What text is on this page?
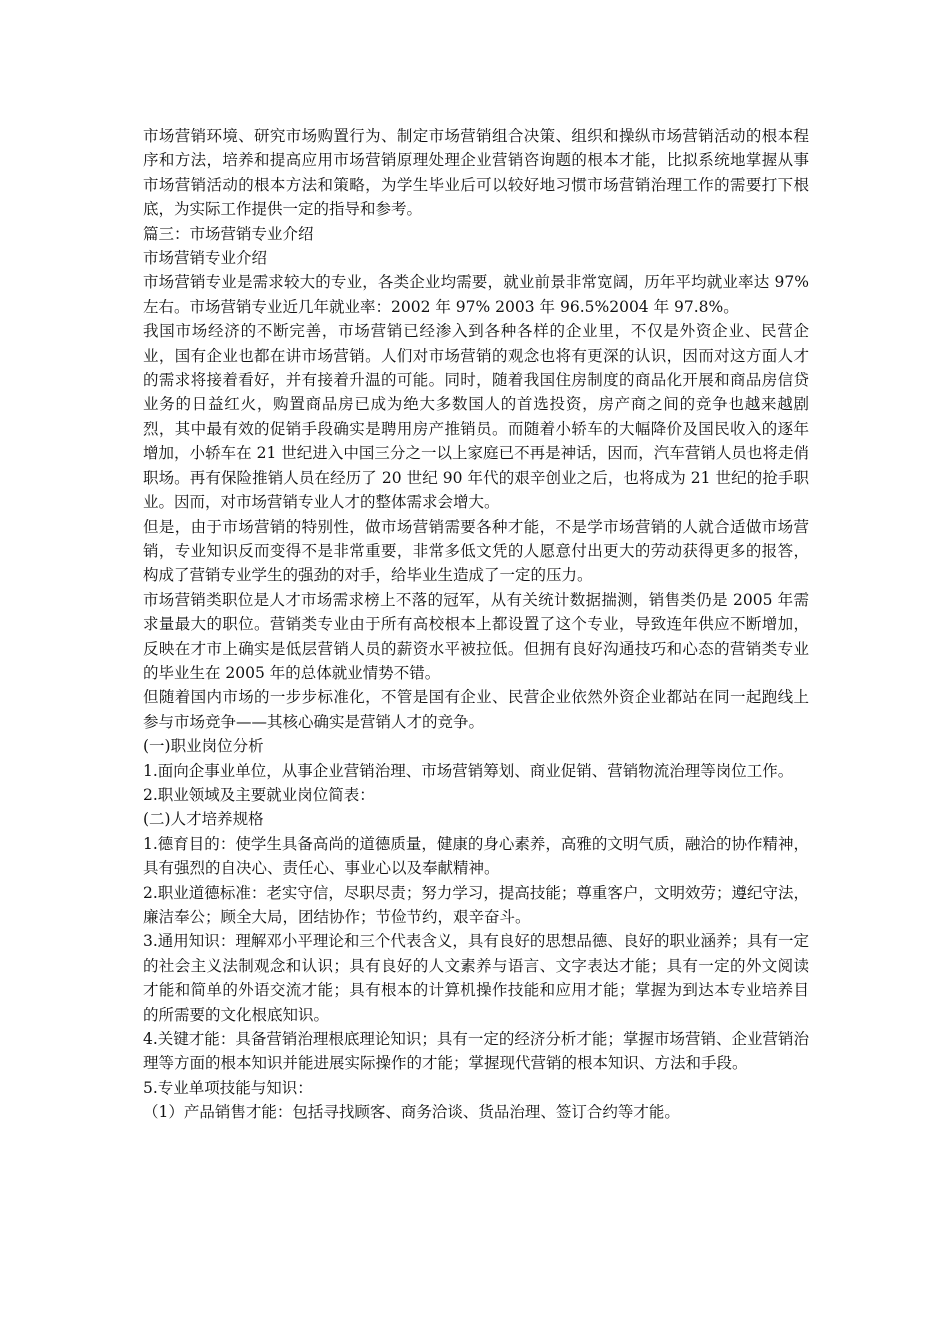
市场营销环境、研究市场购置行为、制定市场营销组合决策、组织和操纵市场营销活动的根本程序和方法，培养和提高应用市场营销原理处理企业营销咨询题的根本才能，比拟系统地掌握从事市场营销活动的根本方法和策略，为学生毕业后可以较好地习惯市场营销治理工作的需要打下根底，为实际工作提供一定的指导和参考。

篇三：市场营销专业介绍

市场营销专业介绍

市场营销专业是需求较大的专业，各类企业均需要，就业前景非常宽阔，历年平均就业率达 97%左右。市场营销专业近几年就业率：2002 年 97% 2003 年 96.5%2004 年 97.8%。

我国市场经济的不断完善，市场营销已经渗入到各种各样的企业里，不仅是外资企业、民营企业，国有企业也都在讲市场营销。人们对市场营销的观念也将有更深的认识，因而对这方面人才的需求将接着看好，并有接着升温的可能。同时，随着我国住房制度的商品化开展和商品房信贷业务的日益红火，购置商品房已成为绝大多数国人的首选投资，房产商之间的竞争也越来越剧烈，其中最有效的促销手段确实是聘用房产推销员。而随着小轿车的大幅降价及国民收入的逐年增加，小轿车在 21 世纪进入中国三分之一以上家庭已不再是神话，因而，汽车营销人员也将走俏职场。再有保险推销人员在经历了 20 世纪 90 年代的艰辛创业之后，也将成为 21 世纪的抢手职业。因而，对市场营销专业人才的整体需求会增大。

但是，由于市场营销的特别性，做市场营销需要各种才能，不是学市场营销的人就合适做市场营销，专业知识反而变得不是非常重要，非常多低文凭的人愿意付出更大的劳动获得更多的报答，构成了营销专业学生的强劲的对手，给毕业生造成了一定的压力。

市场营销类职位是人才市场需求榜上不落的冠军，从有关统计数据揣测，销售类仍是 2005 年需求量最大的职位。营销类专业由于所有高校根本上都设置了这个专业，导致连年供应不断增加，反映在才市上确实是低层营销人员的薪资水平被拉低。但拥有良好沟通技巧和心态的营销类专业的毕业生在 2005 年的总体就业情势不错。

但随着国内市场的一步步标准化，不管是国有企业、民营企业依然外资企业都站在同一起跑线上参与市场竞争——其核心确实是营销人才的竞争。

(一)职业岗位分析

1.面向企事业单位，从事企业营销治理、市场营销筹划、商业促销、营销物流治理等岗位工作。

2.职业领域及主要就业岗位简表：

(二)人才培养规格

1.德育目的：使学生具备高尚的道德质量，健康的身心素养，高雅的文明气质，融洽的协作精神，具有强烈的自决心、责任心、事业心以及奉献精神。

2.职业道德标准：老实守信，尽职尽责；努力学习，提高技能；尊重客户，文明效劳；遵纪守法，廉洁奉公；顾全大局，团结协作；节俭节约，艰辛奋斗。

3.通用知识：理解邓小平理论和三个代表含义，具有良好的思想品德、良好的职业涵养；具有一定的社会主义法制观念和认识；具有良好的人文素养与语言、文字表达才能；具有一定的外文阅读才能和简单的外语交流才能；具有根本的计算机操作技能和应用才能；掌握为到达本专业培养目的所需要的文化根底知识。

4.关键才能：具备营销治理根底理论知识；具有一定的经济分析才能；掌握市场营销、企业营销治理等方面的根本知识并能进展实际操作的才能；掌握现代营销的根本知识、方法和手段。

5.专业单项技能与知识：

（1）产品销售才能：包括寻找顾客、商务洽谈、货品治理、签订合约等才能。
